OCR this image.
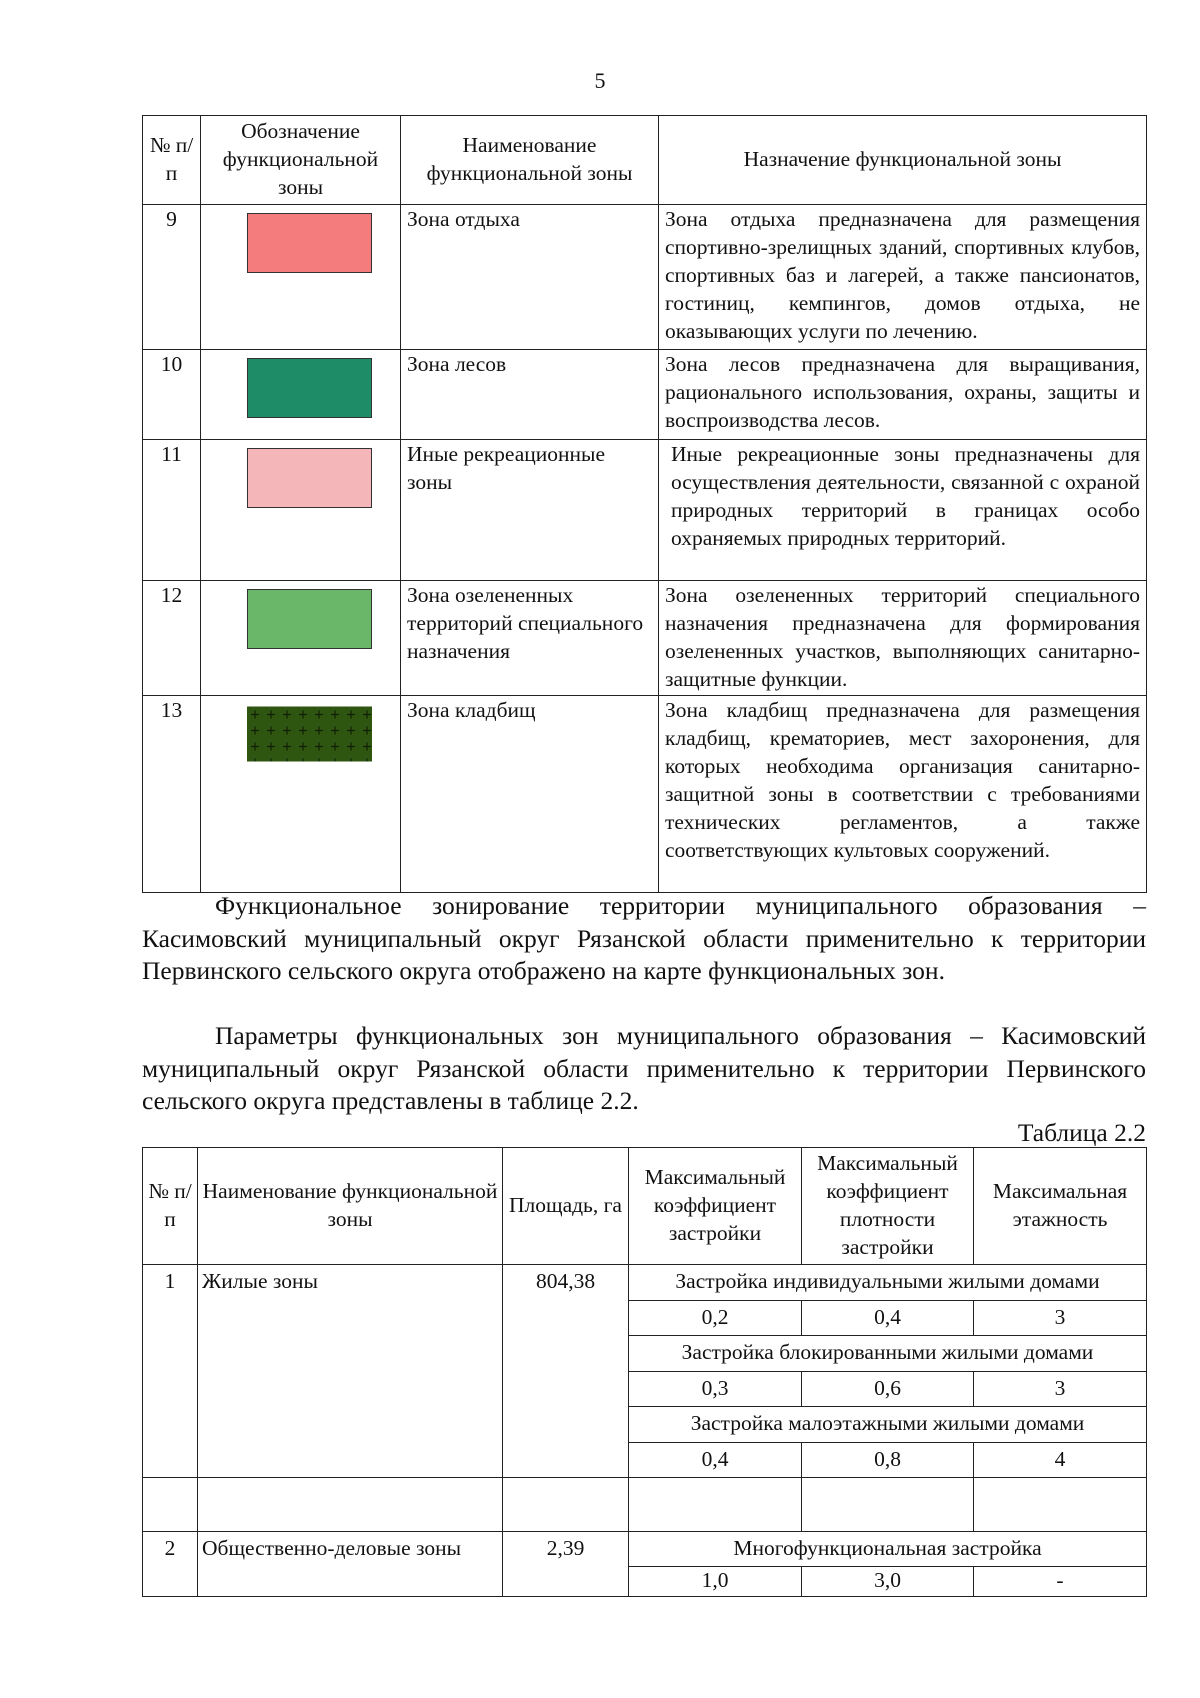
5
№ п/п	Обозначение функциональной зоны	Наименование функциональной зоны	Назначение функциональной зоны
9		Зона отдыха	Зона отдыха предназначена для размещения спортивно-зрелищных зданий, спортивных клубов, спортивных баз и лагерей, а также пансионатов, гостиниц, кемпингов, домов отдыха, не оказывающих услуги по лечению.
10		Зона лесов	Зона лесов предназначена для выращивания, рационального использования, охраны, защиты и воспроизводства лесов.
11		Иные рекреационные зоны	Иные рекреационные зоны предназначены для осуществления деятельности, связанной с охраной природных территорий в границах особо охраняемых природных территорий.
12		Зона озелененных территорий специального назначения	Зона озелененных территорий специального назначения предназначена для формирования озелененных участков, выполняющих санитарно-защитные функции.
13		Зона кладбищ	Зона кладбищ предназначена для размещения кладбищ, крематориев, мест захоронения, для которых необходима организация санитарно-защитной зоны в соответствии с требованиями технических регламентов, а также соответствующих культовых сооружений.

Функциональное зонирование территории муниципального образования – Касимовский муниципальный округ Рязанской области применительно к территории Первинского сельского округа отображено на карте функциональных зон.

Параметры функциональных зон муниципального образования – Касимовский муниципальный округ Рязанской области применительно к территории Первинского сельского округа представлены в таблице 2.2.

Таблица 2.2
№ п/п	Наименование функциональной зоны	Площадь, га	Максимальный коэффициент застройки	Максимальный коэффициент плотности застройки	Максимальная этажность
1	Жилые зоны	804,38	Застройка индивидуальными жилыми домами		
			0,2	0,4	3
			Застройка блокированными жилыми домами		
			0,3	0,6	3
			Застройка малоэтажными жилыми домами		
			0,4	0,8	4

2	Общественно-деловые зоны	2,39	Многофункциональная застройка		
			1,0	3,0	-
